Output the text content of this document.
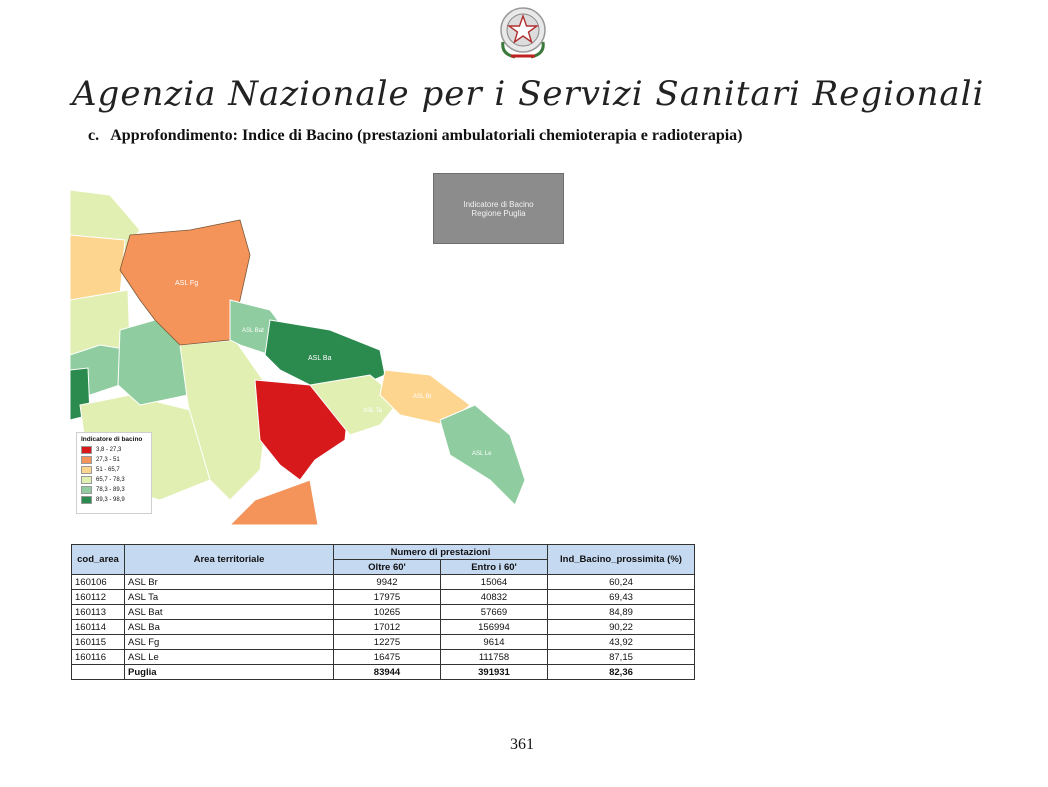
Agenzia Nazionale per i Servizi Sanitari Regionali
c. Approfondimento: Indice di Bacino (prestazioni ambulatoriali chemioterapia e radioterapia)
ASL Fg
ASL Bat
ASL Ba
ASL Br
ASL Ta
ASL Le
Indicatore di Bacino
Regione Puglia
Indicatore di bacino
3,8 - 27,3
27,3 - 51
51 - 65,7
65,7 - 78,3
78,3 - 89,3
89,3 - 98,9
cod_area	Area territoriale	Numero di prestazioni		Ind_Bacino_prossimita (%)
		Oltre 60'	Entro i 60'	
160106	ASL Br	9942	15064	60,24
160112	ASL Ta	17975	40832	69,43
160113	ASL Bat	10265	57669	84,89
160114	ASL Ba	17012	156994	90,22
160115	ASL Fg	12275	9614	43,92
160116	ASL Le	16475	111758	87,15
	Puglia	83944	391931	82,36
361
